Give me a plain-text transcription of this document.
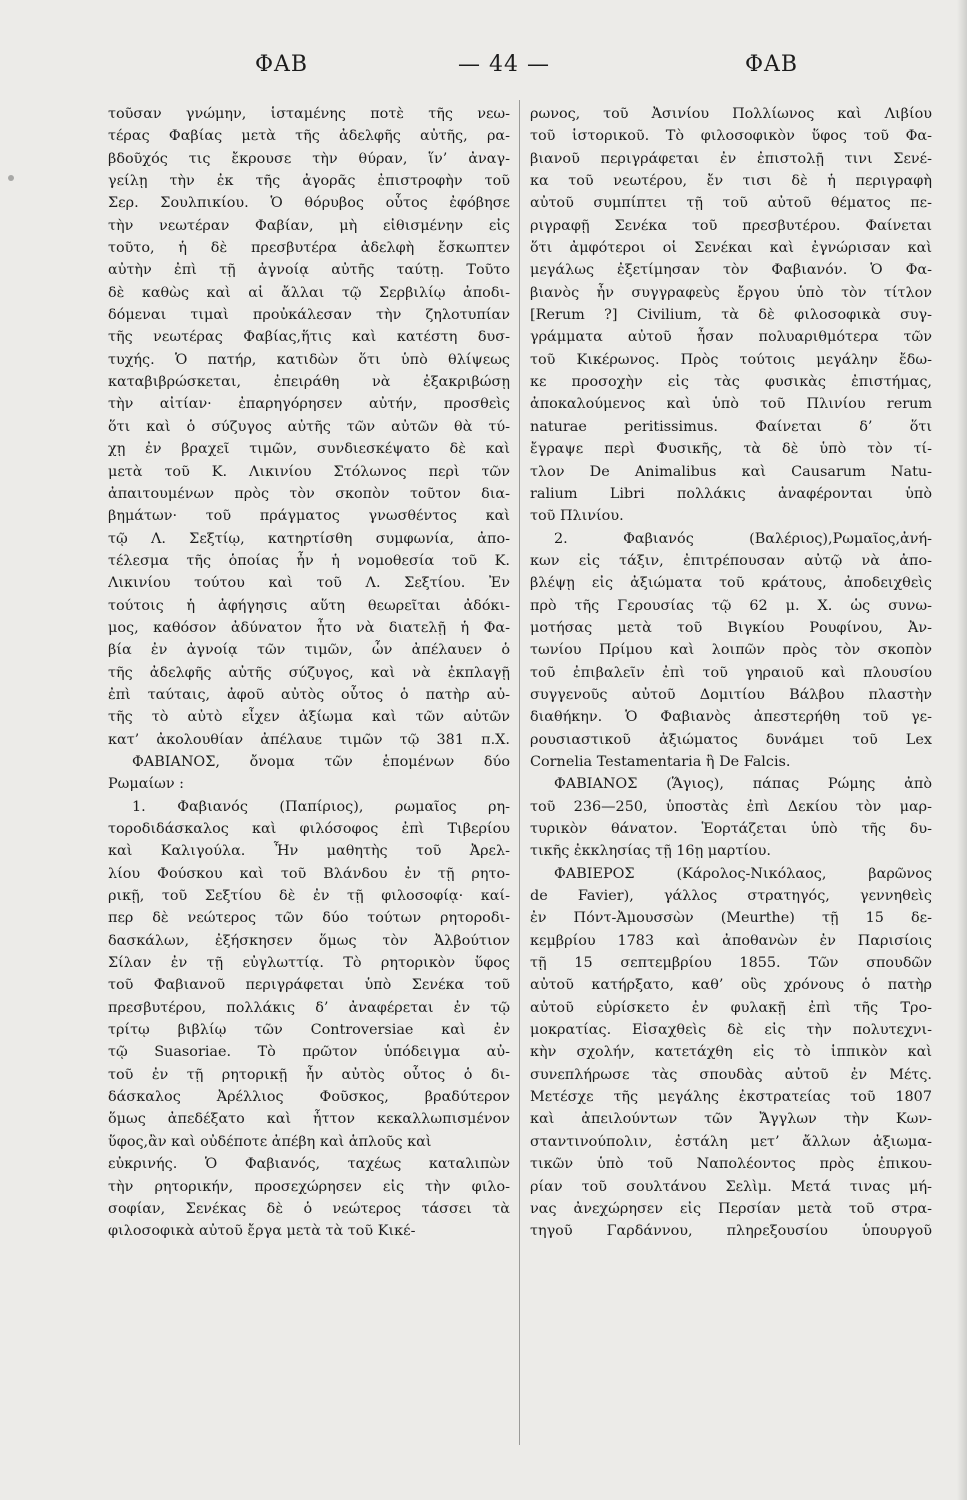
ΦΑΒ	— 44 —	ΦΑΒ
τοῦσαν γνώμην, ἱσταμένης ποτὲ τῆς νεω-
τέρας Φαβίας μετὰ τῆς ἀδελφῆς αὐτῆς, ρα-
βδοῦχός τις ἔκρουσε τὴν θύραν, ἵν’ ἀναγ-
γείλῃ τὴν ἐκ τῆς ἀγορᾶς ἐπιστροφὴν τοῦ
Σερ. Σουλπικίου. Ὁ θόρυβος οὗτος ἐφόβησε
τὴν νεωτέραν Φαβίαν, μὴ εἰθισμένην εἰς
τοῦτο, ἡ δὲ πρεσβυτέρα ἀδελφὴ ἔσκωπτεν
αὐτὴν ἐπὶ τῇ ἀγνοίᾳ αὐτῆς ταύτῃ. Τοῦτο
δὲ καθὼς καὶ αἱ ἄλλαι τῷ Σερβιλίῳ ἀποδι-
δόμεναι τιμαὶ προὐκάλεσαν τὴν ζηλοτυπίαν
τῆς νεωτέρας Φαβίας,ἥτις καὶ κατέστη δυσ-
τυχής. Ὁ πατήρ, κατιδὼν ὅτι ὑπὸ θλίψεως
καταβιβρώσκεται, ἐπειράθη νὰ ἐξακριβώσῃ
τὴν αἰτίαν· ἐπαρηγόρησεν αὐτήν, προσθεὶς
ὅτι καὶ ὁ σύζυγος αὐτῆς τῶν αὐτῶν θὰ τύ-
χῃ ἐν βραχεῖ τιμῶν, συνδιεσκέψατο δὲ καὶ
μετὰ τοῦ Κ. Λικινίου Στόλωνος περὶ τῶν
ἀπαιτουμένων πρὸς τὸν σκοπὸν τοῦτον δια-
βημάτων· τοῦ πράγματος γνωσθέντος καὶ
τῷ Λ. Σεξτίῳ, κατηρτίσθη συμφωνία, ἀπο-
τέλεσμα τῆς ὁποίας ἦν ἡ νομοθεσία τοῦ Κ.
Λικινίου τούτου καὶ τοῦ Λ. Σεξτίου. Ἐν
τούτοις ἡ ἀφήγησις αὕτη θεωρεῖται ἀδόκι-
μος, καθόσον ἀδύνατον ἦτο νὰ διατελῇ ἡ Φα-
βία ἐν ἀγνοίᾳ τῶν τιμῶν, ὧν ἀπέλαυεν ὁ
τῆς ἀδελφῆς αὐτῆς σύζυγος, καὶ νὰ ἐκπλαγῇ
ἐπὶ ταύταις, ἀφοῦ αὐτὸς οὗτος ὁ πατὴρ αὐ-
τῆς τὸ αὐτὸ εἶχεν ἀξίωμα καὶ τῶν αὐτῶν
κατ’ ἀκολουθίαν ἀπέλαυε τιμῶν τῷ 381 π.Χ.
ΦΑΒΙΑΝΟΣ, ὄνομα τῶν ἑπομένων δύο
Ρωμαίων :
1. Φαβιανός (Παπίριος), ρωμαῖος ρη-
τοροδιδάσκαλος καὶ φιλόσοφος ἐπὶ Τιβερίου
καὶ Καλιγούλα. Ἦν μαθητὴς τοῦ Ἀρελ-
λίου Φούσκου καὶ τοῦ Βλάνδου ἐν τῇ ρητο-
ρικῇ, τοῦ Σεξτίου δὲ ἐν τῇ φιλοσοφίᾳ· καί-
περ δὲ νεώτερος τῶν δύο τούτων ρητοροδι-
δασκάλων, ἐξήσκησεν ὅμως τὸν Ἀλβούτιον
Σίλαν ἐν τῇ εὐγλωττίᾳ. Τὸ ρητορικὸν ὕφος
τοῦ Φαβιανοῦ περιγράφεται ὑπὸ Σενέκα τοῦ
πρεσβυτέρου, πολλάκις δ’ ἀναφέρεται ἐν τῷ
τρίτῳ βιβλίῳ τῶν Controversiae καὶ ἐν
τῷ Suasoriae. Τὸ πρῶτον ὑπόδειγμα αὐ-
τοῦ ἐν τῇ ρητορικῇ ἦν αὐτὸς οὗτος ὁ δι-
δάσκαλος Ἀρέλλιος Φοῦσκος, βραδύτερον
ὅμως ἀπεδέξατο καὶ ἧττον κεκαλλωπισμένον
ὕφος,ἂν καὶ οὐδέποτε ἀπέβη καὶ ἁπλοῦς καὶ
εὐκρινής. Ὁ Φαβιανός, ταχέως καταλιπὼν
τὴν ρητορικήν, προσεχώρησεν εἰς τὴν φιλο-
σοφίαν, Σενέκας δὲ ὁ νεώτερος τάσσει τὰ
φιλοσοφικὰ αὐτοῦ ἔργα μετὰ τὰ τοῦ Κικέ-
ρωνος, τοῦ Ἀσινίου Πολλίωνος καὶ Λιβίου
τοῦ ἱστορικοῦ. Τὸ φιλοσοφικὸν ὕφος τοῦ Φα-
βιανοῦ περιγράφεται ἐν ἐπιστολῇ τινι Σενέ-
κα τοῦ νεωτέρου, ἔν τισι δὲ ἡ περιγραφὴ
αὐτοῦ συμπίπτει τῇ τοῦ αὐτοῦ θέματος πε-
ριγραφῇ Σενέκα τοῦ πρεσβυτέρου. Φαίνεται
ὅτι ἀμφότεροι οἱ Σενέκαι καὶ ἐγνώρισαν καὶ
μεγάλως ἐξετίμησαν τὸν Φαβιανόν. Ὁ Φα-
βιανὸς ἦν συγγραφεὺς ἔργου ὑπὸ τὸν τίτλον
[Rerum ?] Civilium, τὰ δὲ φιλοσοφικὰ συγ-
γράμματα αὐτοῦ ἦσαν πολυαριθμότερα τῶν
τοῦ Κικέρωνος. Πρὸς τούτοις μεγάλην ἔδω-
κε προσοχὴν εἰς τὰς φυσικὰς ἐπιστήμας,
ἀποκαλούμενος καὶ ὑπὸ τοῦ Πλινίου rerum
naturae peritissimus. Φαίνεται δ’ ὅτι
ἔγραψε περὶ Φυσικῆς, τὰ δὲ ὑπὸ τὸν τί-
τλον De Animalibus καὶ Causarum Natu-
ralium Libri πολλάκις ἀναφέρονται ὑπὸ
τοῦ Πλινίου.
2. Φαβιανός (Βαλέριος),Ρωμαῖος,ἀνή-
κων εἰς τάξιν, ἐπιτρέπουσαν αὐτῷ νὰ ἀπο-
βλέψῃ εἰς ἀξιώματα τοῦ κράτους, ἀποδειχθεὶς
πρὸ τῆς Γερουσίας τῷ 62 μ. Χ. ὡς συνω-
μοτήσας μετὰ τοῦ Βιγκίου Ρουφίνου, Ἀν-
τωνίου Πρίμου καὶ λοιπῶν πρὸς τὸν σκοπὸν
τοῦ ἐπιβαλεῖν ἐπὶ τοῦ γηραιοῦ καὶ πλουσίου
συγγενοῦς αὐτοῦ Δομιτίου Βάλβου πλαστὴν
διαθήκην. Ὁ Φαβιανὸς ἀπεστερήθη τοῦ γε-
ρουσιαστικοῦ ἀξιώματος δυνάμει τοῦ Lex
Cornelia Testamentaria ἢ De Falcis.
ΦΑΒΙΑΝΟΣ (Ἅγιος), πάπας Ρώμης ἀπὸ
τοῦ 236—250, ὑποστὰς ἐπὶ Δεκίου τὸν μαρ-
τυρικὸν θάνατον. Ἑορτάζεται ὑπὸ τῆς δυ-
τικῆς ἐκκλησίας τῇ 16ῃ μαρτίου.
ΦΑΒΙΕΡΟΣ (Κάρολος-Νικόλαος, βαρῶνος
de Favier), γάλλος στρατηγός, γεννηθεὶς
ἐν Πόντ-Ἀμουσσὼν (Meurthe) τῇ 15 δε-
κεμβρίου 1783 καὶ ἀποθανὼν ἐν Παρισίοις
τῇ 15 σεπτεμβρίου 1855. Τῶν σπουδῶν
αὐτοῦ κατήρξατο, καθ’ οὓς χρόνους ὁ πατὴρ
αὐτοῦ εὑρίσκετο ἐν φυλακῇ ἐπὶ τῆς Τρο-
μοκρατίας. Εἰσαχθεὶς δὲ εἰς τὴν πολυτεχνι-
κὴν σχολήν, κατετάχθη εἰς τὸ ἱππικὸν καὶ
συνεπλήρωσε τὰς σπουδὰς αὐτοῦ ἐν Μέτς.
Μετέσχε τῆς μεγάλης ἐκστρατείας τοῦ 1807
καὶ ἀπειλούντων τῶν Ἄγγλων τὴν Κων-
σταντινούπολιν, ἐστάλη μετ’ ἄλλων ἀξιωμα-
τικῶν ὑπὸ τοῦ Ναπολέοντος πρὸς ἐπικου-
ρίαν τοῦ σουλτάνου Σελὶμ. Μετά τινας μή-
νας ἀνεχώρησεν εἰς Περσίαν μετὰ τοῦ στρα-
τηγοῦ Γαρδάννου, πληρεξουσίου ὑπουργοῦ
